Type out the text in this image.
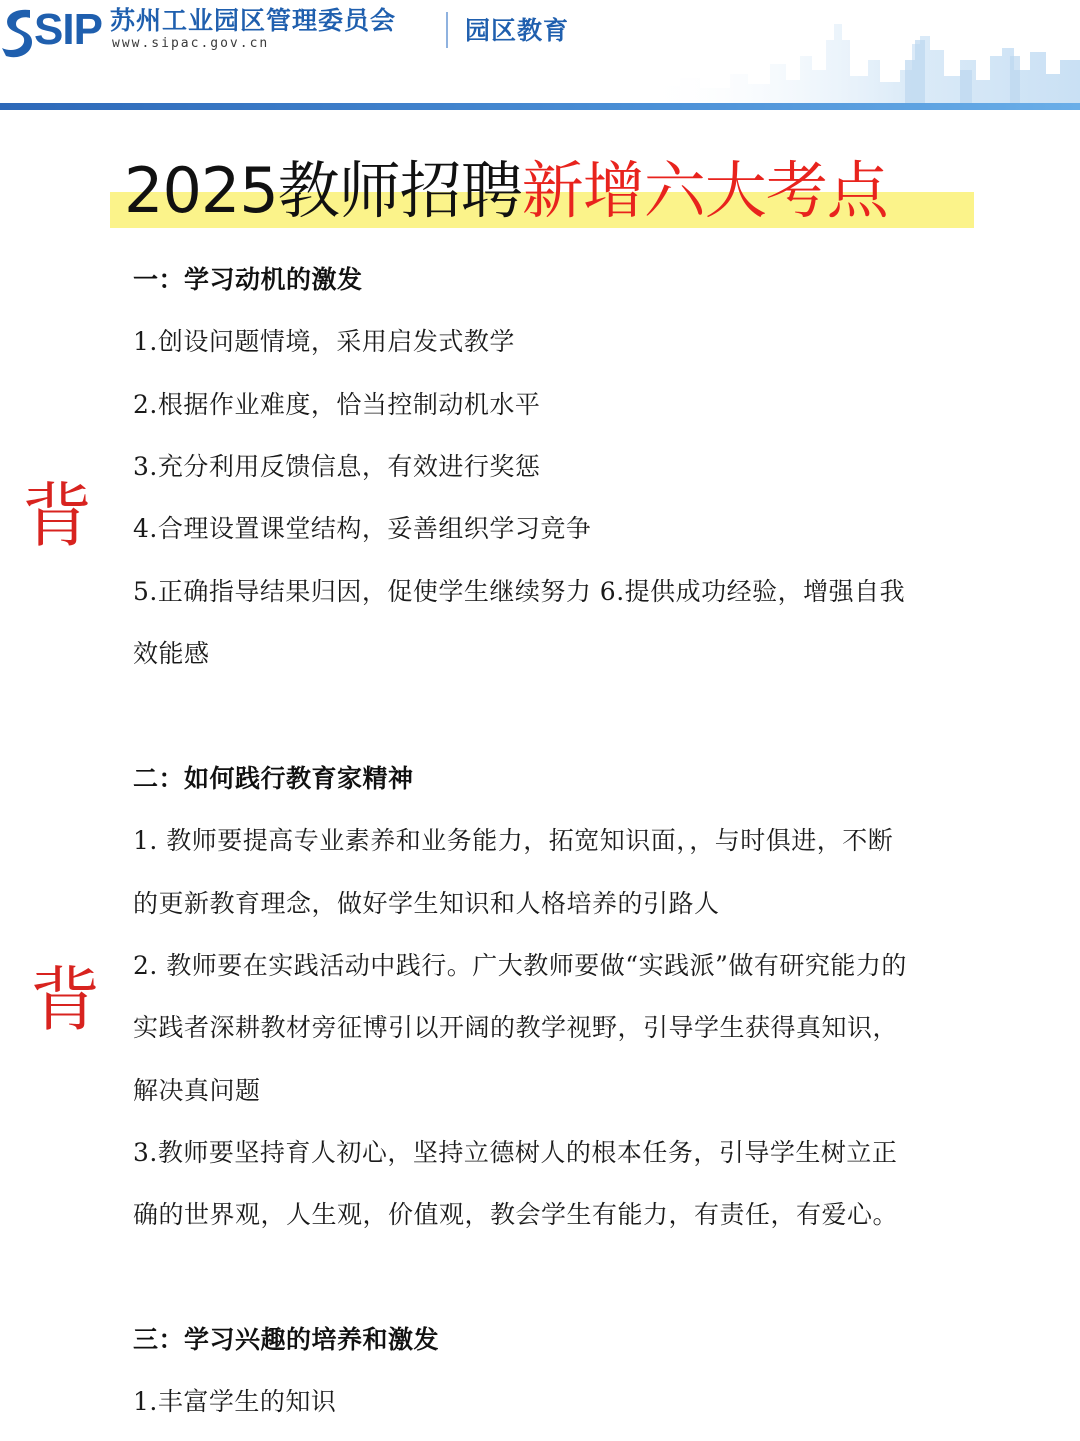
SIP 苏州工业园区管理委员会
www.sipac.gov.cn	园区教育
2025教师招聘新增六大考点
背
背
一：学习动机的激发
1.创设问题情境，采用启发式教学
2.根据作业难度，恰当控制动机水平
3.充分利用反馈信息，有效进行奖惩
4.合理设置课堂结构，妥善组织学习竞争
5.正确指导结果归因，促使学生继续努力 6.提供成功经验，增强自我
效能感
二：如何践行教育家精神
1. 教师要提高专业素养和业务能力，拓宽知识面，，与时俱进，不断
的更新教育理念，做好学生知识和人格培养的引路人
2. 教师要在实践活动中践行。广大教师要做“实践派”做有研究能力的
实践者深耕教材旁征博引以开阔的教学视野，引导学生获得真知识，
解决真问题
3.教师要坚持育人初心，坚持立德树人的根本任务，引导学生树立正
确的世界观，人生观，价值观，教会学生有能力，有责任，有爱心。
三：学习兴趣的培养和激发
1.丰富学生的知识
